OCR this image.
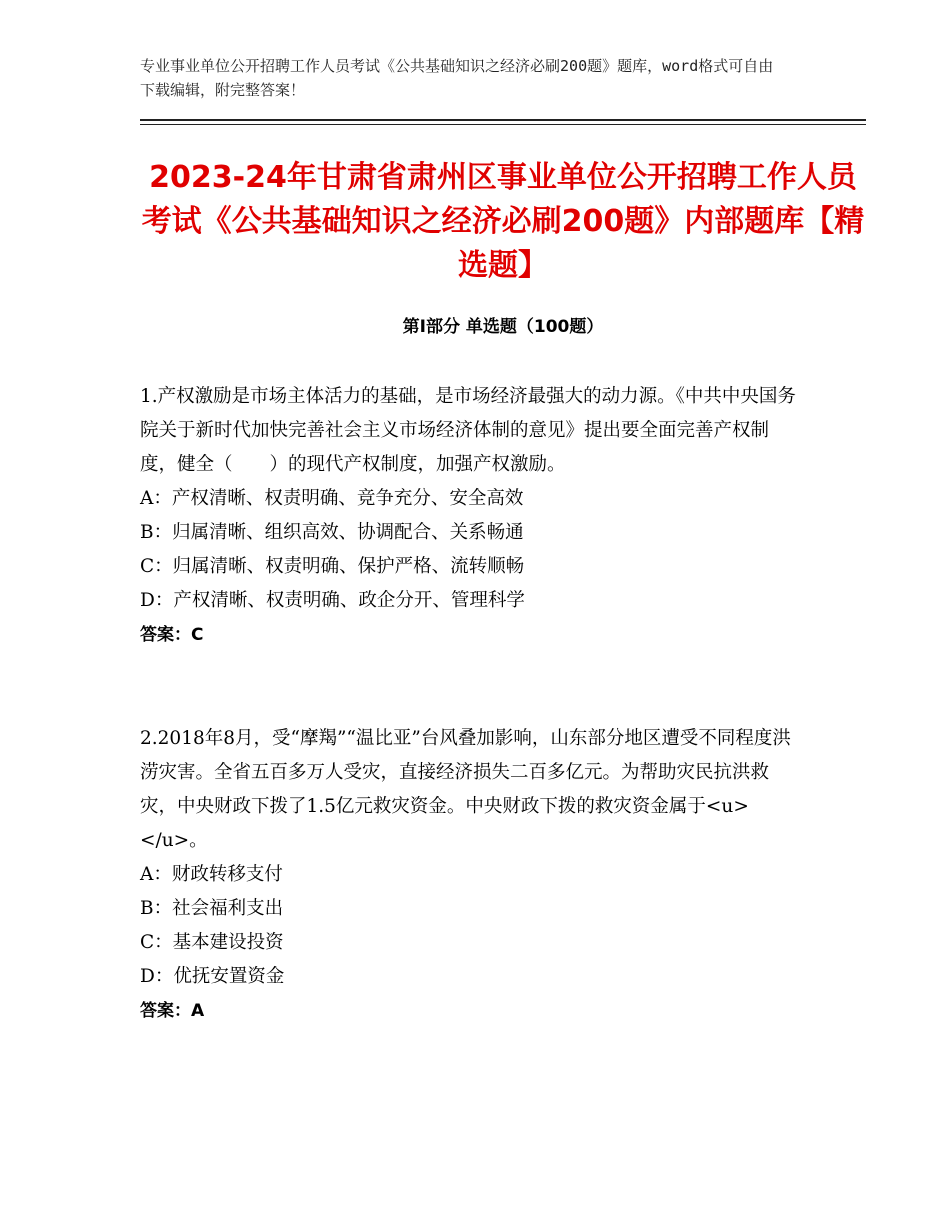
专业事业单位公开招聘工作人员考试《公共基础知识之经济必刷200题》题库，word格式可自由下载编辑，附完整答案！
2023-24年甘肃省肃州区事业单位公开招聘工作人员考试《公共基础知识之经济必刷200题》内部题库【精选题】
第Ⅰ部分 单选题（100题）

1.产权激励是市场主体活力的基础，是市场经济最强大的动力源。《中共中央国务院关于新时代加快完善社会主义市场经济体制的意见》提出要全面完善产权制度，健全（　　）的现代产权制度，加强产权激励。

A：产权清晰、权责明确、竞争充分、安全高效

B：归属清晰、组织高效、协调配合、关系畅通

C：归属清晰、权责明确、保护严格、流转顺畅

D：产权清晰、权责明确、政企分开、管理科学

答案：C

2.2018年8月，受“摩羯”“温比亚”台风叠加影响，山东部分地区遭受不同程度洪涝灾害。全省五百多万人受灾，直接经济损失二百多亿元。为帮助灾民抗洪救灾，中央财政下拨了1.5亿元救灾资金。中央财政下拨的救灾资金属于<u>　　　</u>。

A：财政转移支付

B：社会福利支出

C：基本建设投资

D：优抚安置资金

答案：A
